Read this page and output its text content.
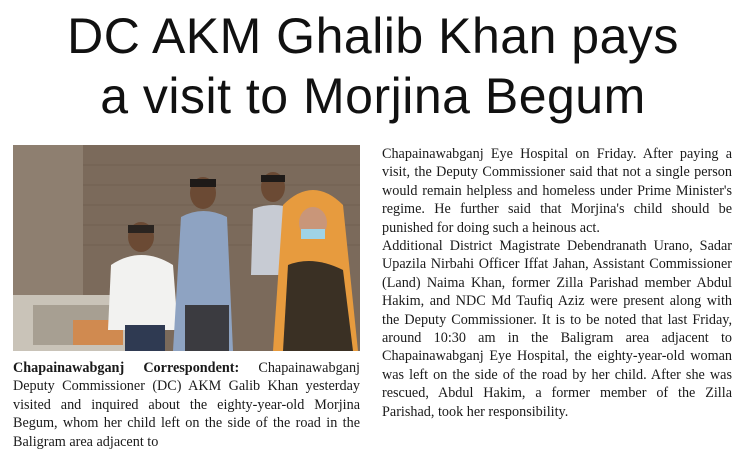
DC AKM Ghalib Khan pays
a visit to Morjina Begum

Chapainawabganj Correspondent: Chapainawabganj Deputy Commissioner (DC) AKM Galib Khan yesterday visited and inquired about the eighty-year-old Morjina Begum, whom her child left on the side of the road in the Baligram area adjacent to

Chapainawabganj Eye Hospital on Friday. After paying a visit, the Deputy Commissioner said that not a single person would remain helpless and homeless under Prime Minister's regime. He further said that Morjina's child should be punished for doing such a heinous act.

Additional District Magistrate Debendranath Urano, Sadar Upazila Nirbahi Officer Iffat Jahan, Assistant Commissioner (Land) Naima Khan, former Zilla Parishad member Abdul Hakim, and NDC Md Taufiq Aziz were present along with the Deputy Commissioner. It is to be noted that last Friday, around 10:30 am in the Baligram area adjacent to Chapainawabganj Eye Hospital, the eighty-year-old woman was left on the side of the road by her child. After she was rescued, Abdul Hakim, a former member of the Zilla Parishad, took her responsibility.
